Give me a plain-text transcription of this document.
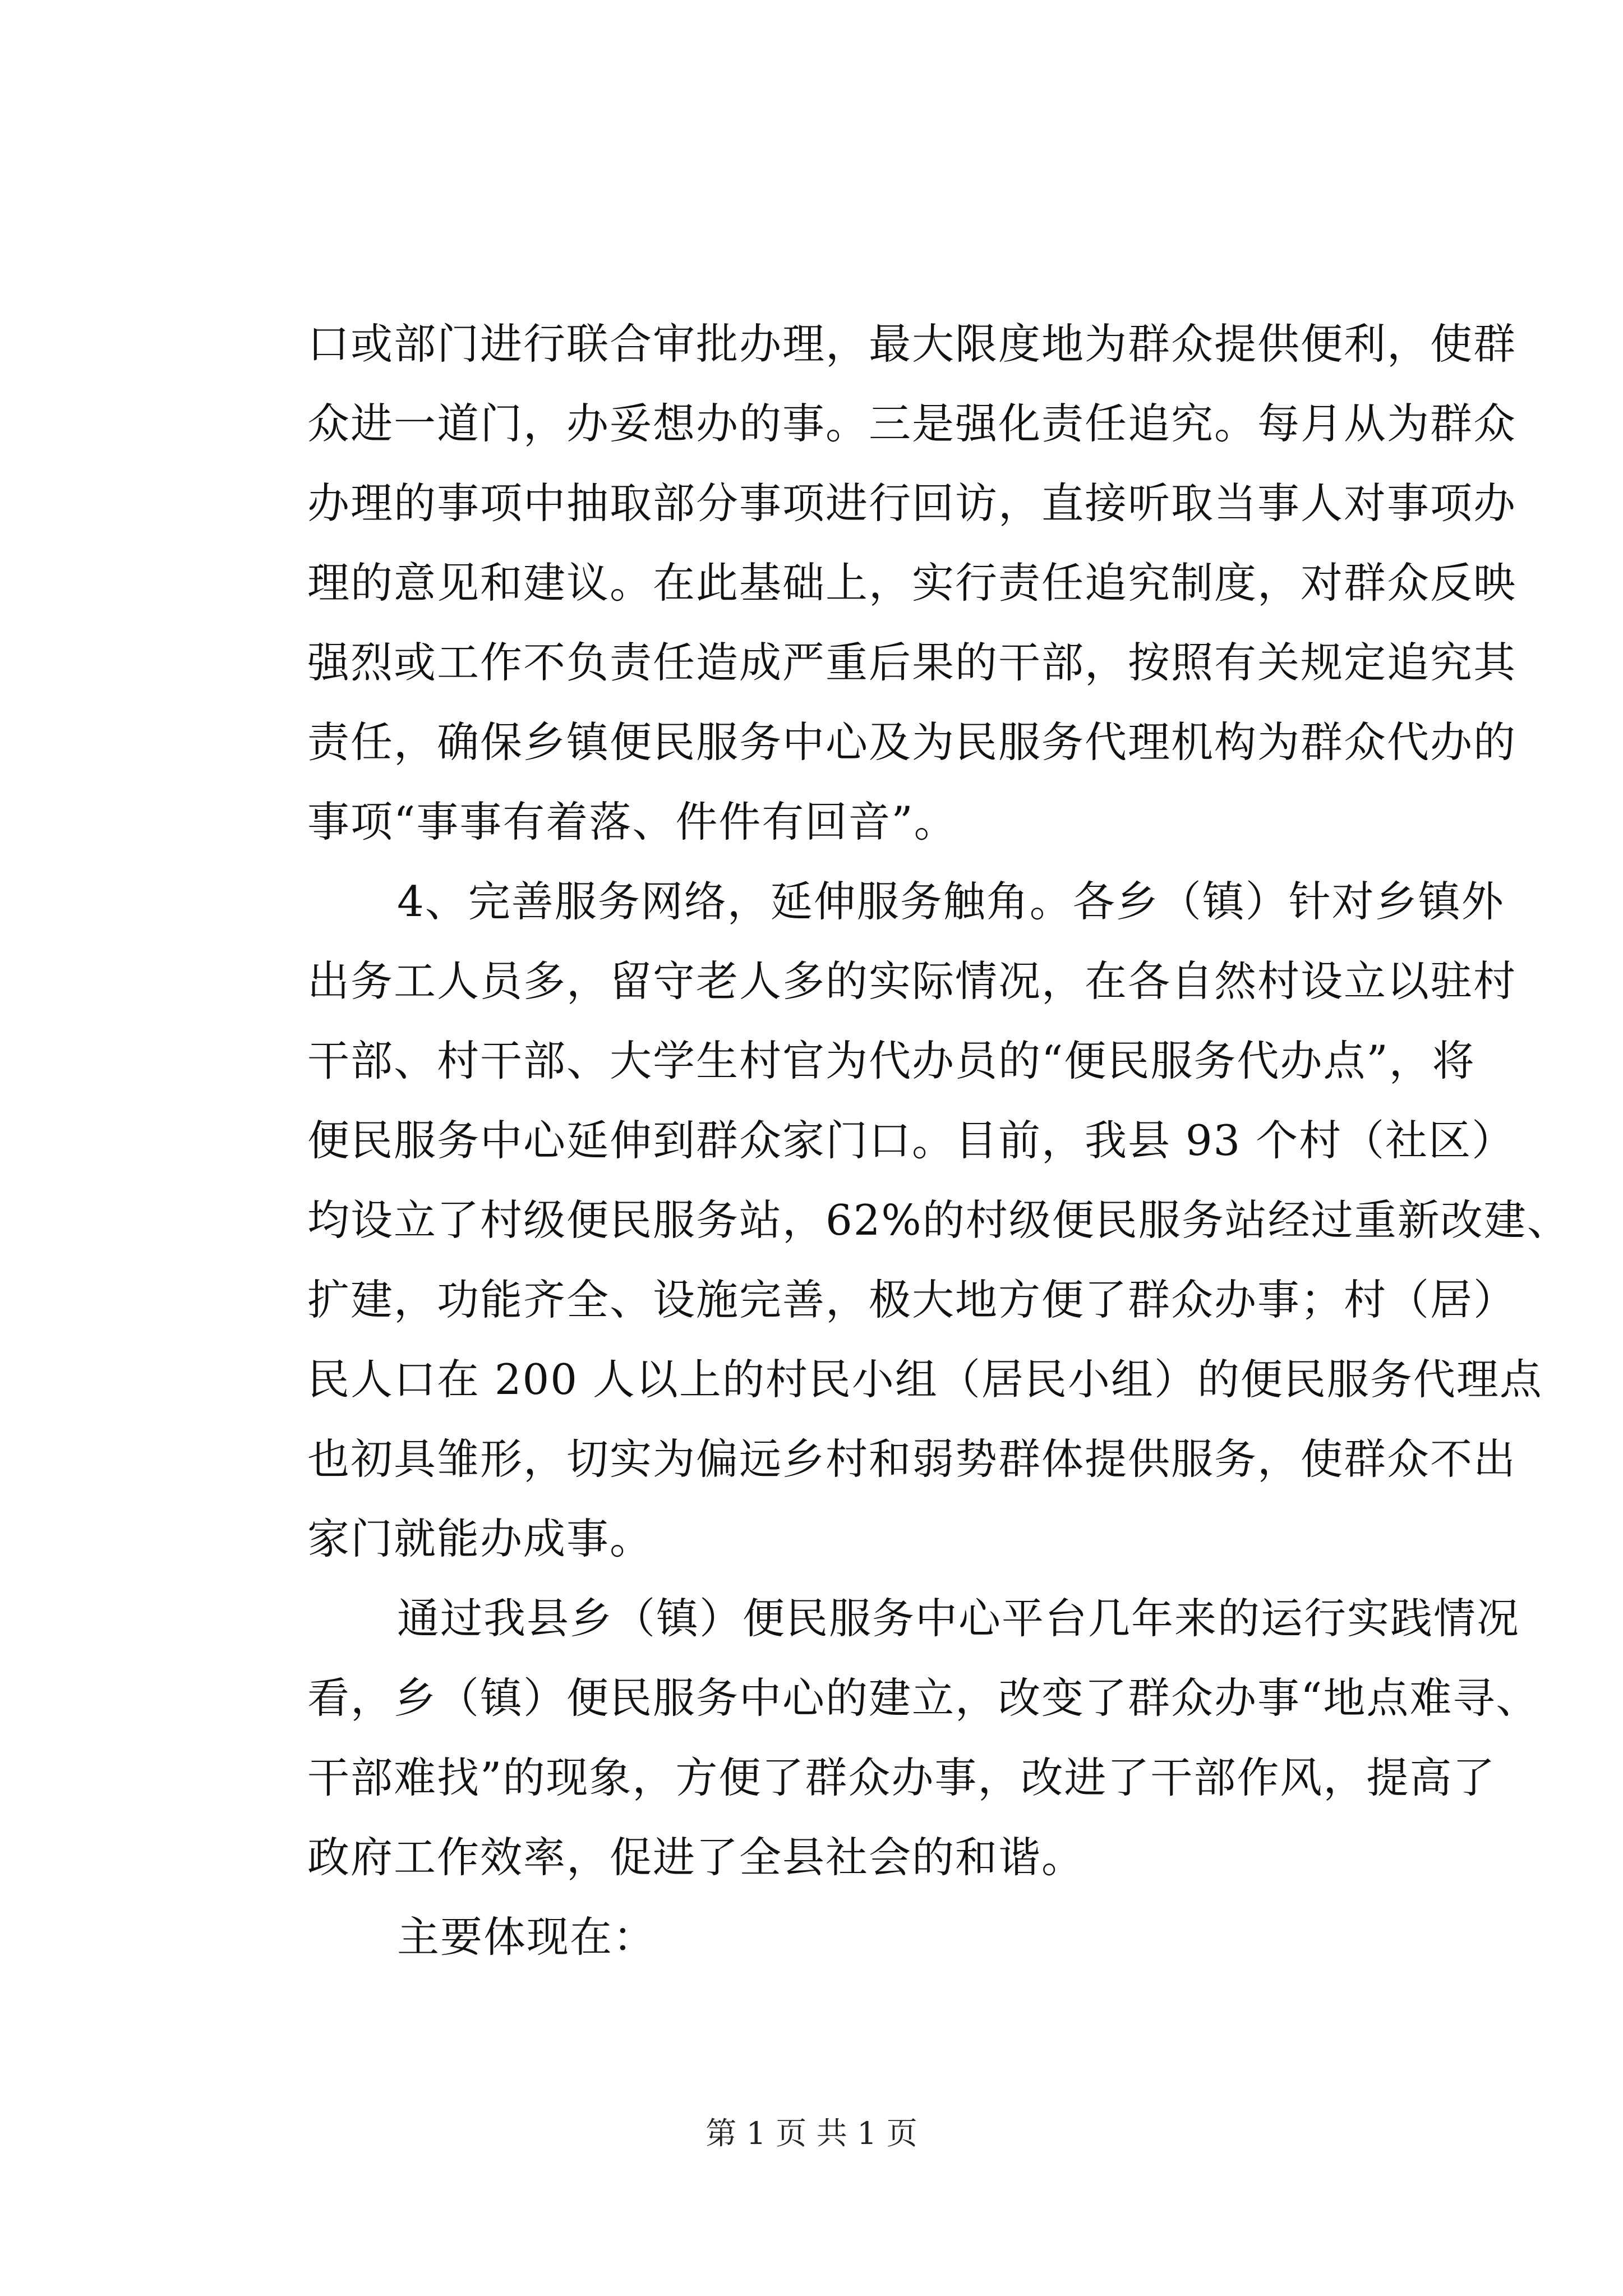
口或部门进行联合审批办理，最大限度地为群众提供便利，使群
众进一道门，办妥想办的事。三是强化责任追究。每月从为群众
办理的事项中抽取部分事项进行回访，直接听取当事人对事项办
理的意见和建议。在此基础上，实行责任追究制度，对群众反映
强烈或工作不负责任造成严重后果的干部，按照有关规定追究其
责任，确保乡镇便民服务中心及为民服务代理机构为群众代办的
事项“事事有着落、件件有回音”。
4、完善服务网络，延伸服务触角。各乡（镇）针对乡镇外
出务工人员多，留守老人多的实际情况，在各自然村设立以驻村
干部、村干部、大学生村官为代办员的“便民服务代办点”，将
便民服务中心延伸到群众家门口。目前，我县 93 个村（社区）
均设立了村级便民服务站，62%的村级便民服务站经过重新改建、
扩建，功能齐全、设施完善，极大地方便了群众办事；村（居）
民人口在 200 人以上的村民小组（居民小组）的便民服务代理点
也初具雏形，切实为偏远乡村和弱势群体提供服务，使群众不出
家门就能办成事。
通过我县乡（镇）便民服务中心平台几年来的运行实践情况
看，乡（镇）便民服务中心的建立，改变了群众办事“地点难寻、
干部难找”的现象，方便了群众办事，改进了干部作风，提高了
政府工作效率，促进了全县社会的和谐。
主要体现在：
第 1 页 共 1 页
